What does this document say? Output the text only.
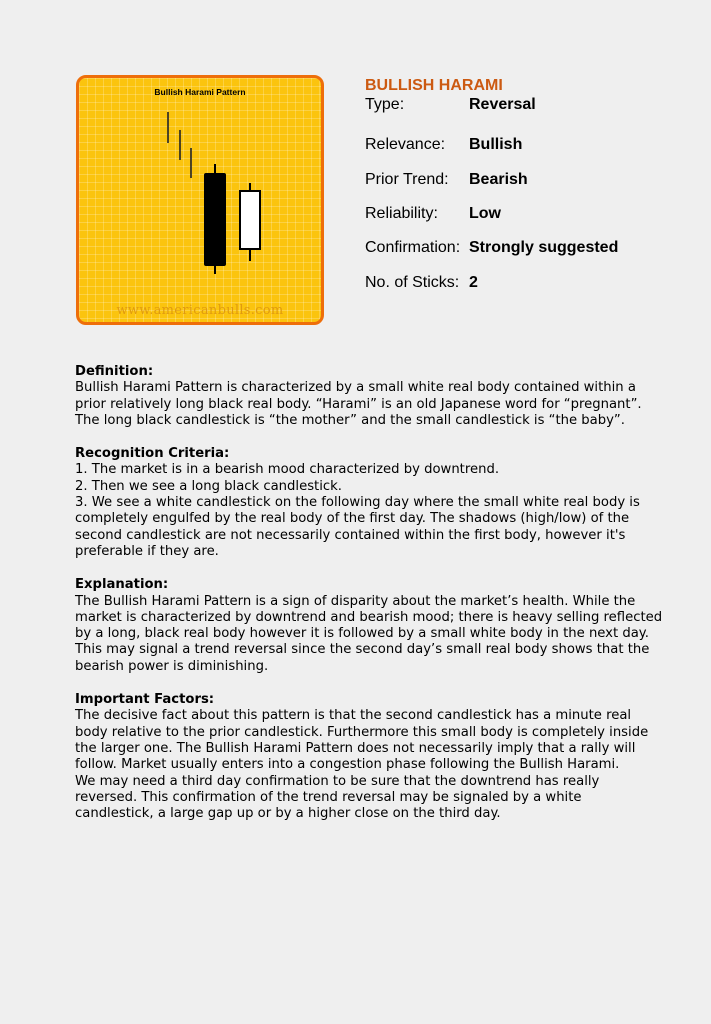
Bullish Harami Pattern
www.americanbulls.com
BULLISH HARAMI
Type:	Reversal
Relevance: Bullish
Prior Trend: Bearish
Reliability: Low
Confirmation: Strongly suggested
No. of Sticks: 2
Definition:

Bullish Harami Pattern is characterized by a small white real body contained within a

prior relatively long black real body. “Harami” is an old Japanese word for “pregnant”.

The long black candlestick is “the mother” and the small candlestick is “the baby”.

Recognition Criteria:

1. The market is in a bearish mood characterized by downtrend.

2. Then we see a long black candlestick.

3. We see a white candlestick on the following day where the small white real body is

completely engulfed by the real body of the first day. The shadows (high/low) of the

second candlestick are not necessarily contained within the first body, however it's

preferable if they are.

Explanation:

The Bullish Harami Pattern is a sign of disparity about the market’s health. While the

market is characterized by downtrend and bearish mood; there is heavy selling reflected

by a long, black real body however it is followed by a small white body in the next day.

This may signal a trend reversal since the second day’s small real body shows that the

bearish power is diminishing.

Important Factors:

The decisive fact about this pattern is that the second candlestick has a minute real

body relative to the prior candlestick. Furthermore this small body is completely inside

the larger one. The Bullish Harami Pattern does not necessarily imply that a rally will

follow. Market usually enters into a congestion phase following the Bullish Harami.

We may need a third day confirmation to be sure that the downtrend has really

reversed. This confirmation of the trend reversal may be signaled by a white

candlestick, a large gap up or by a higher close on the third day.
